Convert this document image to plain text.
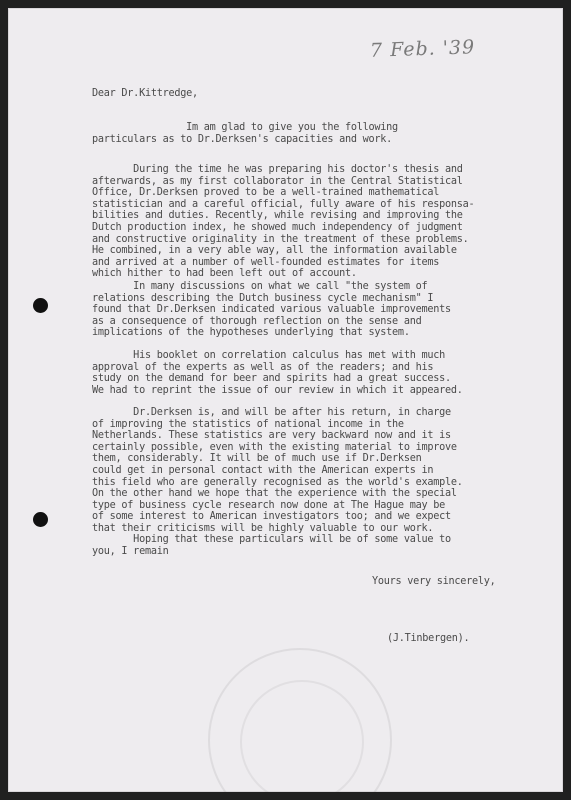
7 Feb. '39

Dear Dr.Kittredge,

Im am glad to give you the following
particulars as to Dr.Derksen's capacities and work.

During the time he was preparing his doctor's thesis and
afterwards, as my first collaborator in the Central Statistical
Office, Dr.Derksen proved to be a well-trained mathematical
statistician and a careful official, fully aware of his responsa-
bilities and duties. Recently, while revising and improving the
Dutch production index, he showed much independency of judgment
and constructive originality in the treatment of these problems.
He combined, in a very able way, all the information available
and arrived at a number of well-founded estimates for items
which hither to had been left out of account.

In many discussions on what we call "the system of
relations describing the Dutch business cycle mechanism" I
found that Dr.Derksen indicated various valuable improvements
as a consequence of thorough reflection on the sense and
implications of the hypotheses underlying that system.

His booklet on correlation calculus has met with much
approval of the experts as well as of the readers; and his
study on the demand for beer and spirits had a great success.
We had to reprint the issue of our review in which it appeared.

Dr.Derksen is, and will be after his return, in charge
of improving the statistics of national income in the
Netherlands. These statistics are very backward now and it is
certainly possible, even with the existing material to improve
them, considerably. It will be of much use if Dr.Derksen
could get in personal contact with the American experts in
this field who are generally recognised as the world's example.
On the other hand we hope that the experience with the special
type of business cycle research now done at The Hague may be
of some interest to American investigators too; and we expect
that their criticisms will be highly valuable to our work.

Hoping that these particulars will be of some value to
you, I remain

Yours very sincerely,

(J.Tinbergen).
